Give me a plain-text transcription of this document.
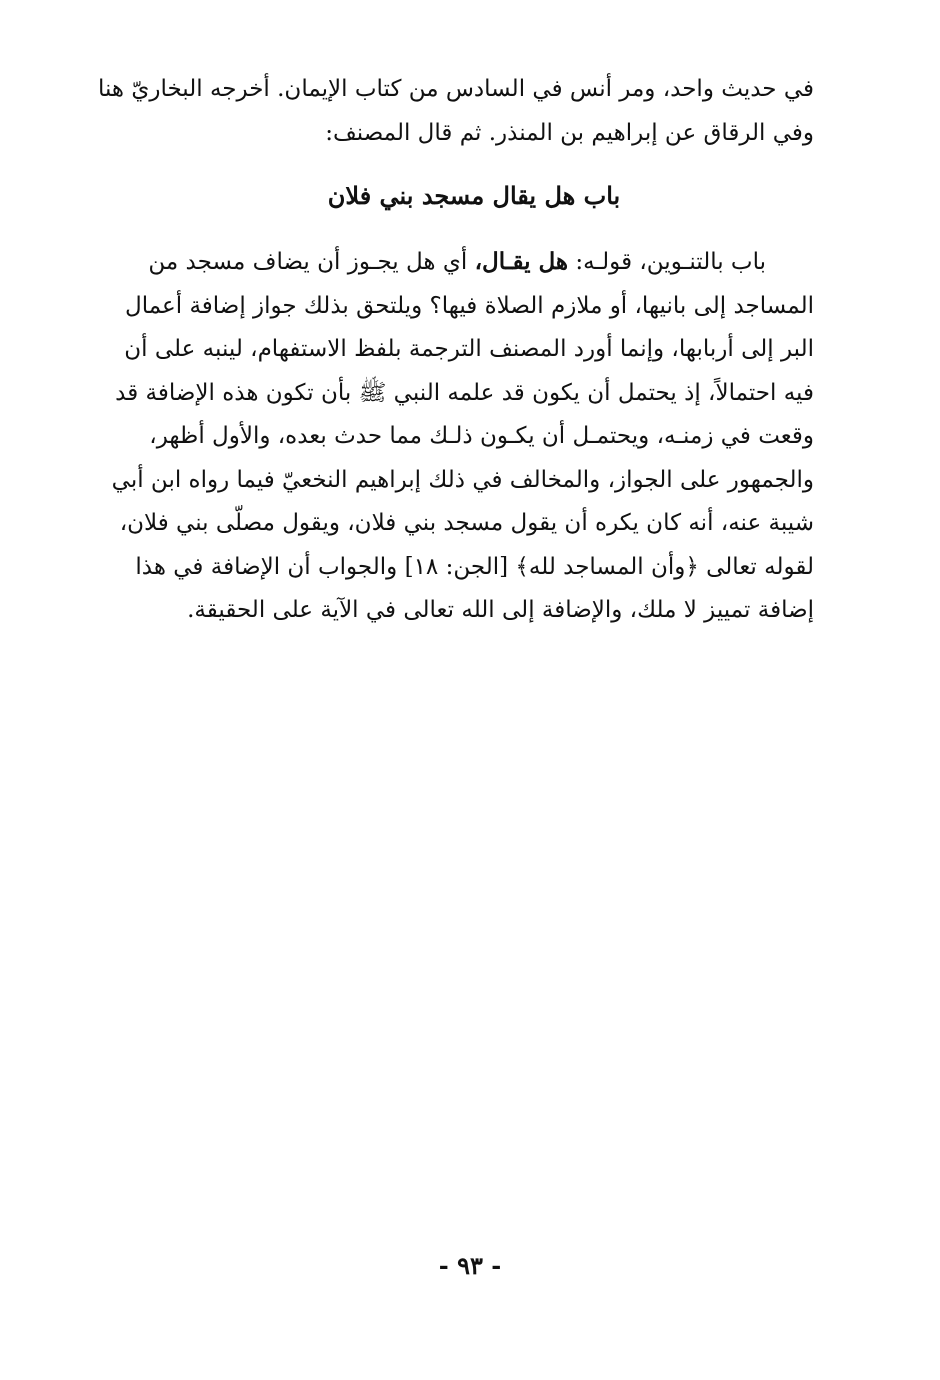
في حديث واحد، ومر أنس في السادس من كتاب الإيمان. أخرجه البخاريّ هنا
وفي الرقاق عن إبراهيم بن المنذر. ثم قال المصنف:
باب هل يقال مسجد بني فلان
باب بالتنـوين، قولـه: هل يقـال، أي هل يجـوز أن يضاف مسجد من
المساجد إلى بانيها، أو ملازم الصلاة فيها؟ ويلتحق بذلك جواز إضافة أعمال
البر إلى أربابها، وإنما أورد المصنف الترجمة بلفظ الاستفهام، لينبه على أن
فيه احتمالاً، إذ يحتمل أن يكون قد علمه النبي ﷺ بأن تكون هذه الإضافة قد
وقعت في زمنـه، ويحتمـل أن يكـون ذلـك مما حدث بعده، والأول أظهر،
والجمهور على الجواز، والمخالف في ذلك إبراهيم النخعيّ فيما رواه ابن أبي
شيبة عنه، أنه كان يكره أن يقول مسجد بني فلان، ويقول مصلّى بني فلان،
لقوله تعالى ﴿وأن المساجد لله﴾ [الجن: ١٨] والجواب أن الإضافة في هذا
إضافة تمييز لا ملك، والإضافة إلى الله تعالى في الآية على الحقيقة.
- ٩٣ -
